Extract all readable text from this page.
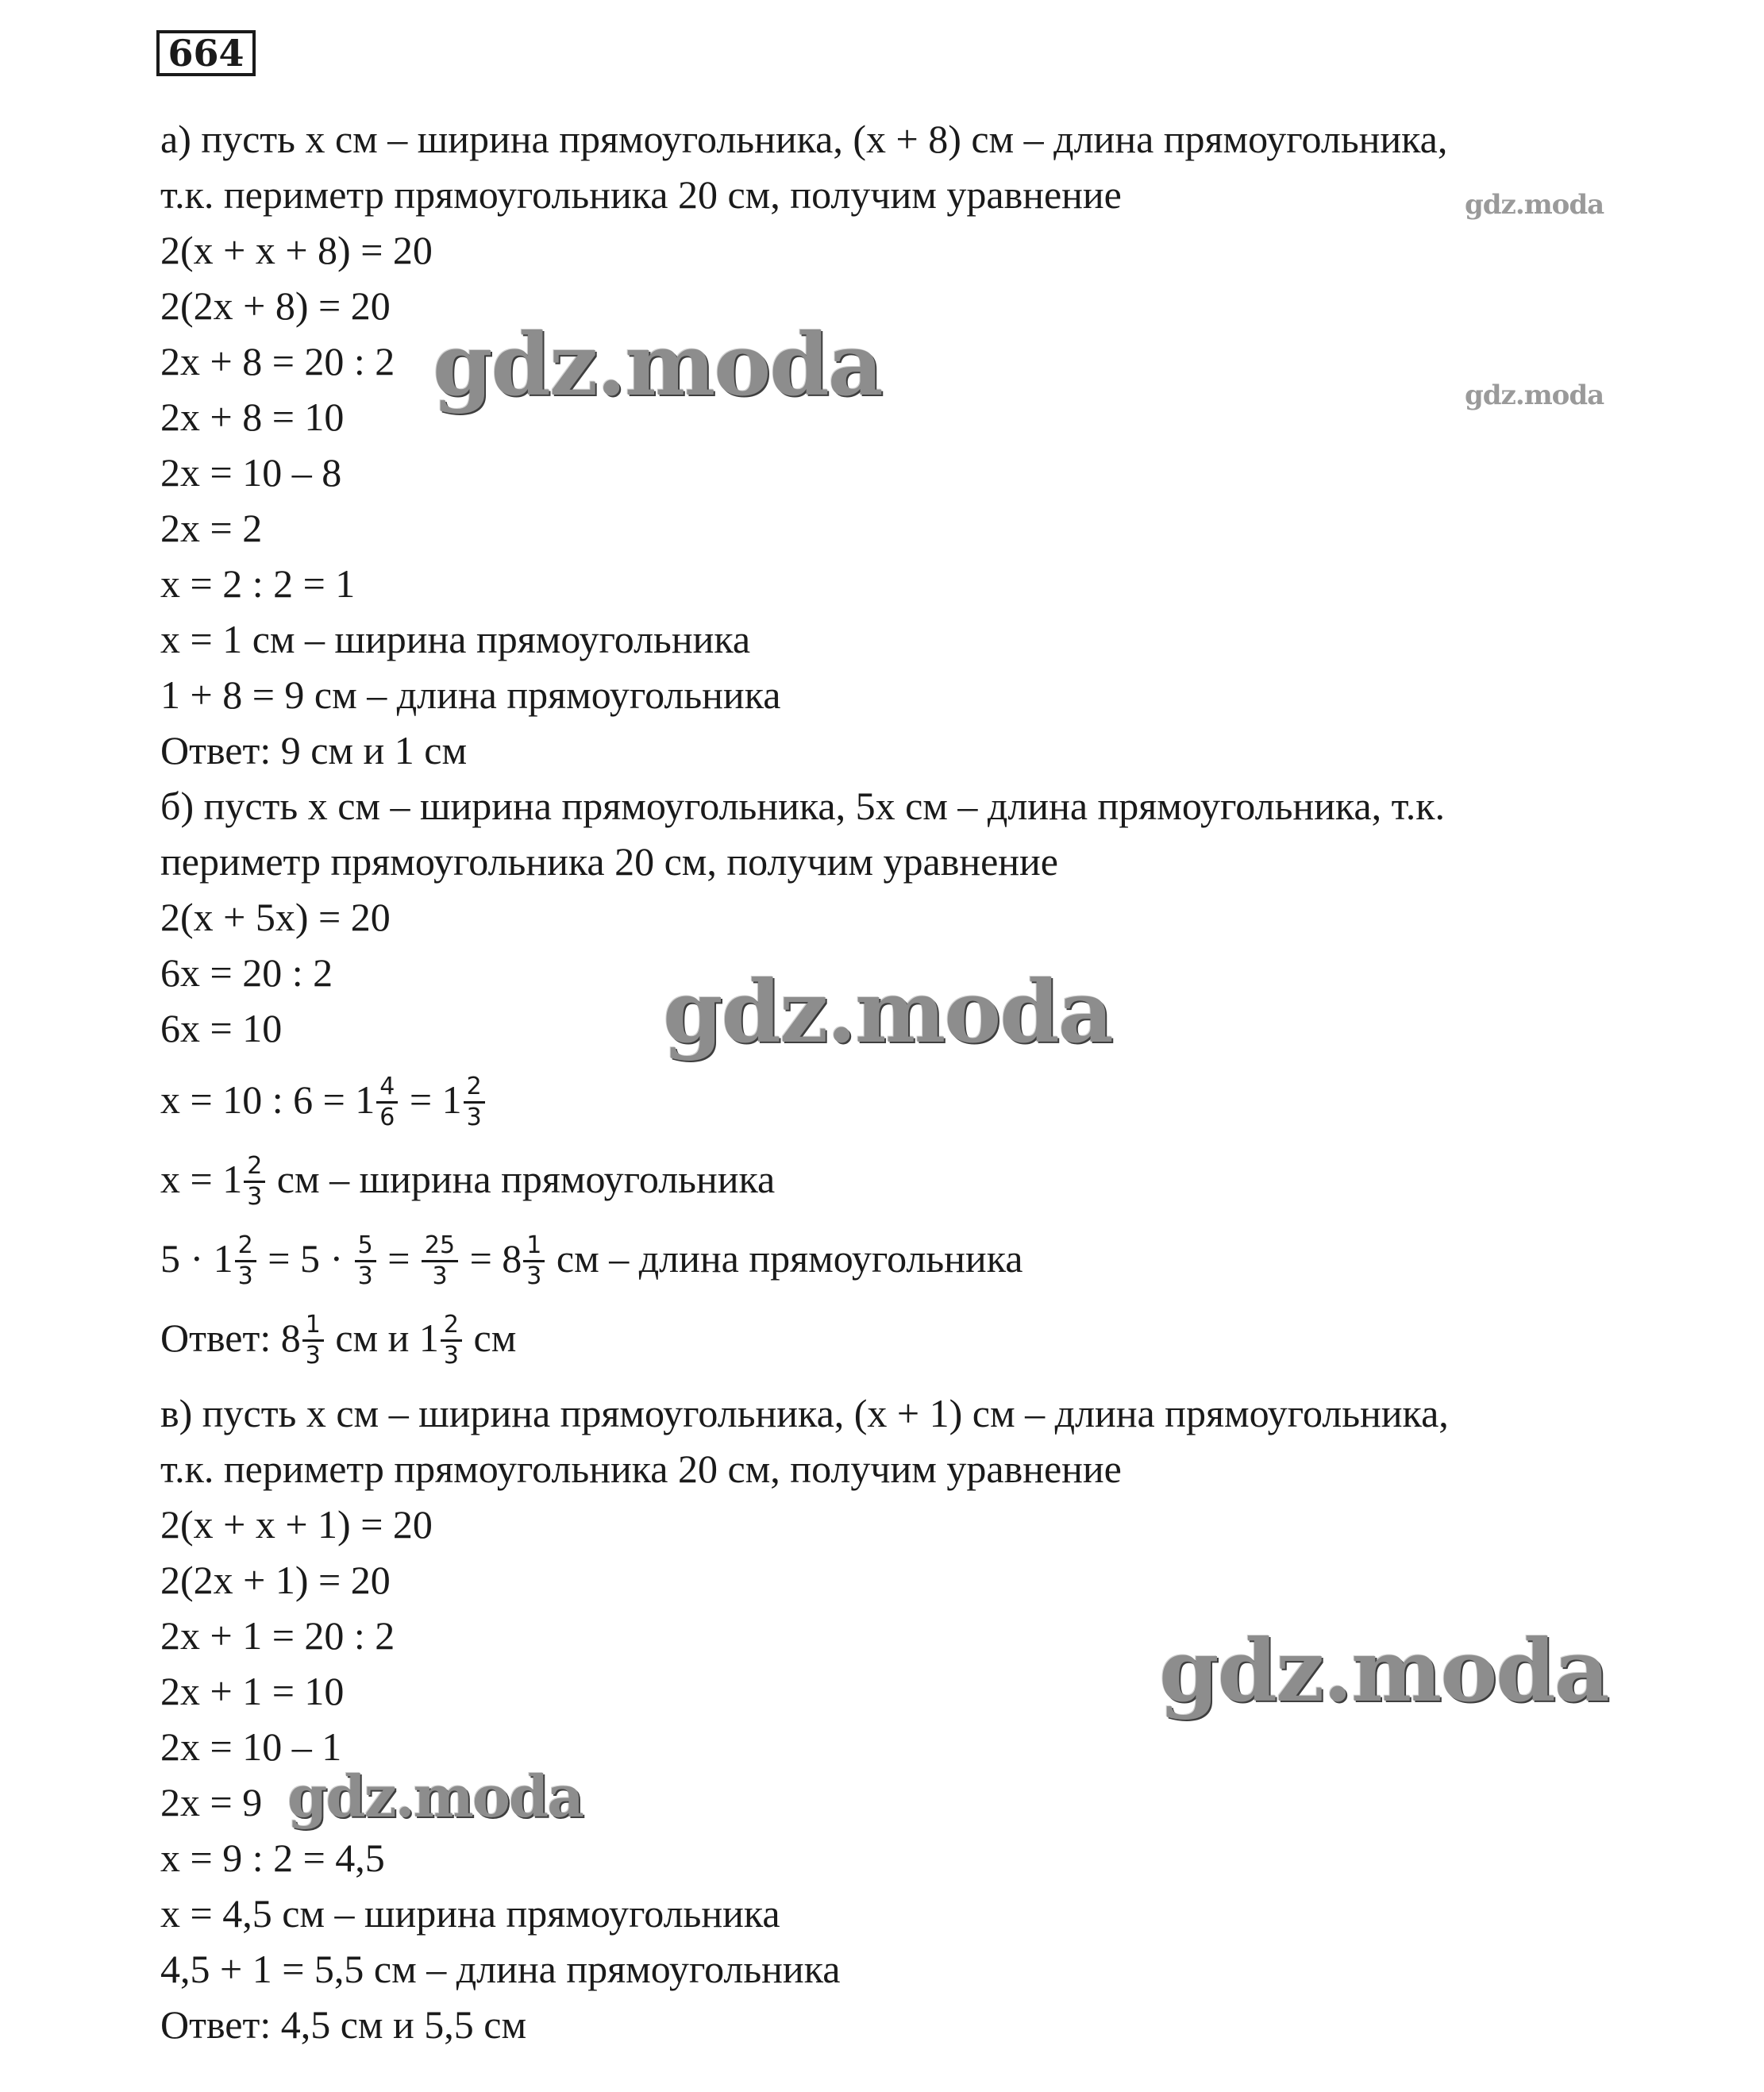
664
а) пусть х см – ширина прямоугольника, (х + 8) см – длина прямоугольника,
т.к. периметр прямоугольника 20 см, получим уравнение
2(х + х + 8) = 20
2(2х + 8) = 20
2х + 8 = 20 : 2
2х + 8 = 10
2х = 10 – 8
2х = 2
х = 2 : 2 = 1
х = 1 см – ширина прямоугольника
1 + 8 = 9 см – длина прямоугольника
Ответ: 9 см и 1 см
б) пусть х см – ширина прямоугольника, 5х см – длина прямоугольника, т.к.
периметр прямоугольника 20 см, получим уравнение
2(х + 5х) = 20
6х = 20 : 2
6х = 10
х = 10 : $6 = 1 \frac{4}{6} = 1 \frac{2}{3}$
$х = 1 \frac{2}{3}$ см – ширина прямоугольника
$5 \cdot 1 \frac{2}{3} = 5 \cdot \frac{5}{3} = \frac{25}{3} = 8 \frac{1}{3}$ см – длина прямоугольника
Ответ: $8 \frac{1}{3}$ см и $1 \frac{2}{3}$ см
в) пусть х см – ширина прямоугольника, (х + 1) см – длина прямоугольника,
т.к. периметр прямоугольника 20 см, получим уравнение
2(х + х + 1) = 20
2(2х + 1) = 20
2х + 1 = 20 : 2
2х + 1 = 10
2х = 10 – 1
2х = 9
х = 9 : 2 = 4,5
х = 4,5 см – ширина прямоугольника
4,5 + 1 = 5,5 см – длина прямоугольника
Ответ: 4,5 см и 5,5 см
gdz.moda
gdz.moda
gdz.moda
gdz.moda
gdz.moda
gdz.moda
